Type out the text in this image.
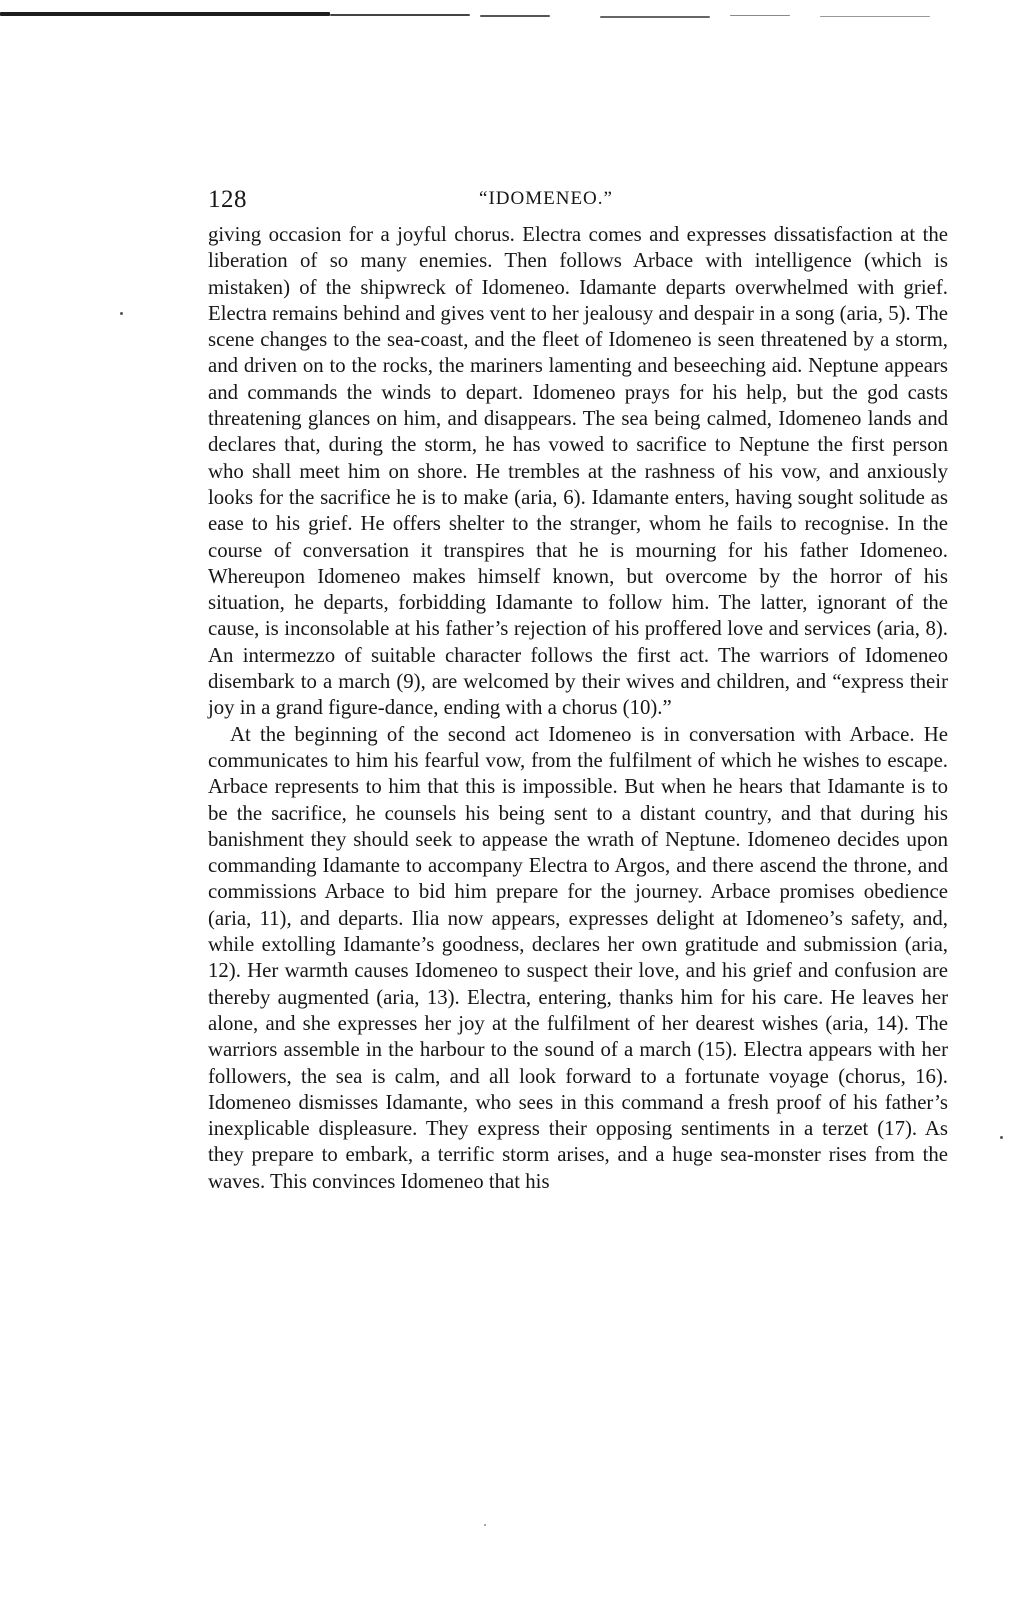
128	“IDOMENEO.”

giving occasion for a joyful chorus. Electra comes and expresses dissatisfaction at the liberation of so many enemies. Then follows Arbace with intelligence (which is mistaken) of the shipwreck of Idomeneo. Idamante departs overwhelmed with grief. Electra remains behind and gives vent to her jealousy and despair in a song (aria, 5). The scene changes to the sea-coast, and the fleet of Idomeneo is seen threatened by a storm, and driven on to the rocks, the mariners lamenting and beseeching aid. Neptune appears and commands the winds to depart. Idomeneo prays for his help, but the god casts threatening glances on him, and disappears. The sea being calmed, Idomeneo lands and declares that, during the storm, he has vowed to sacrifice to Neptune the first person who shall meet him on shore. He trembles at the rashness of his vow, and anxiously looks for the sacrifice he is to make (aria, 6). Idamante enters, having sought solitude as ease to his grief. He offers shelter to the stranger, whom he fails to recognise. In the course of conversation it transpires that he is mourning for his father Idomeneo. Whereupon Idomeneo makes himself known, but overcome by the horror of his situation, he departs, forbidding Idamante to follow him. The latter, ignorant of the cause, is inconsolable at his father’s rejection of his proffered love and services (aria, 8). An intermezzo of suitable character follows the first act. The warriors of Idomeneo disembark to a march (9), are welcomed by their wives and children, and “express their joy in a grand figure-dance, ending with a chorus (10).”

At the beginning of the second act Idomeneo is in conversation with Arbace. He communicates to him his fearful vow, from the fulfilment of which he wishes to escape. Arbace represents to him that this is impossible. But when he hears that Idamante is to be the sacrifice, he counsels his being sent to a distant country, and that during his banishment they should seek to appease the wrath of Neptune. Idomeneo decides upon commanding Idamante to accompany Electra to Argos, and there ascend the throne, and commissions Arbace to bid him prepare for the journey. Arbace promises obedience (aria, 11), and departs. Ilia now appears, expresses delight at Idomeneo’s safety, and, while extolling Idamante’s goodness, declares her own gratitude and submission (aria, 12). Her warmth causes Idomeneo to suspect their love, and his grief and confusion are thereby augmented (aria, 13). Electra, entering, thanks him for his care. He leaves her alone, and she expresses her joy at the fulfilment of her dearest wishes (aria, 14). The warriors assemble in the harbour to the sound of a march (15). Electra appears with her followers, the sea is calm, and all look forward to a fortunate voyage (chorus, 16). Idomeneo dismisses Idamante, who sees in this command a fresh proof of his father’s inexplicable displeasure. They express their opposing sentiments in a terzet (17). As they prepare to embark, a terrific storm arises, and a huge sea-monster rises from the waves. This convinces Idomeneo that his
